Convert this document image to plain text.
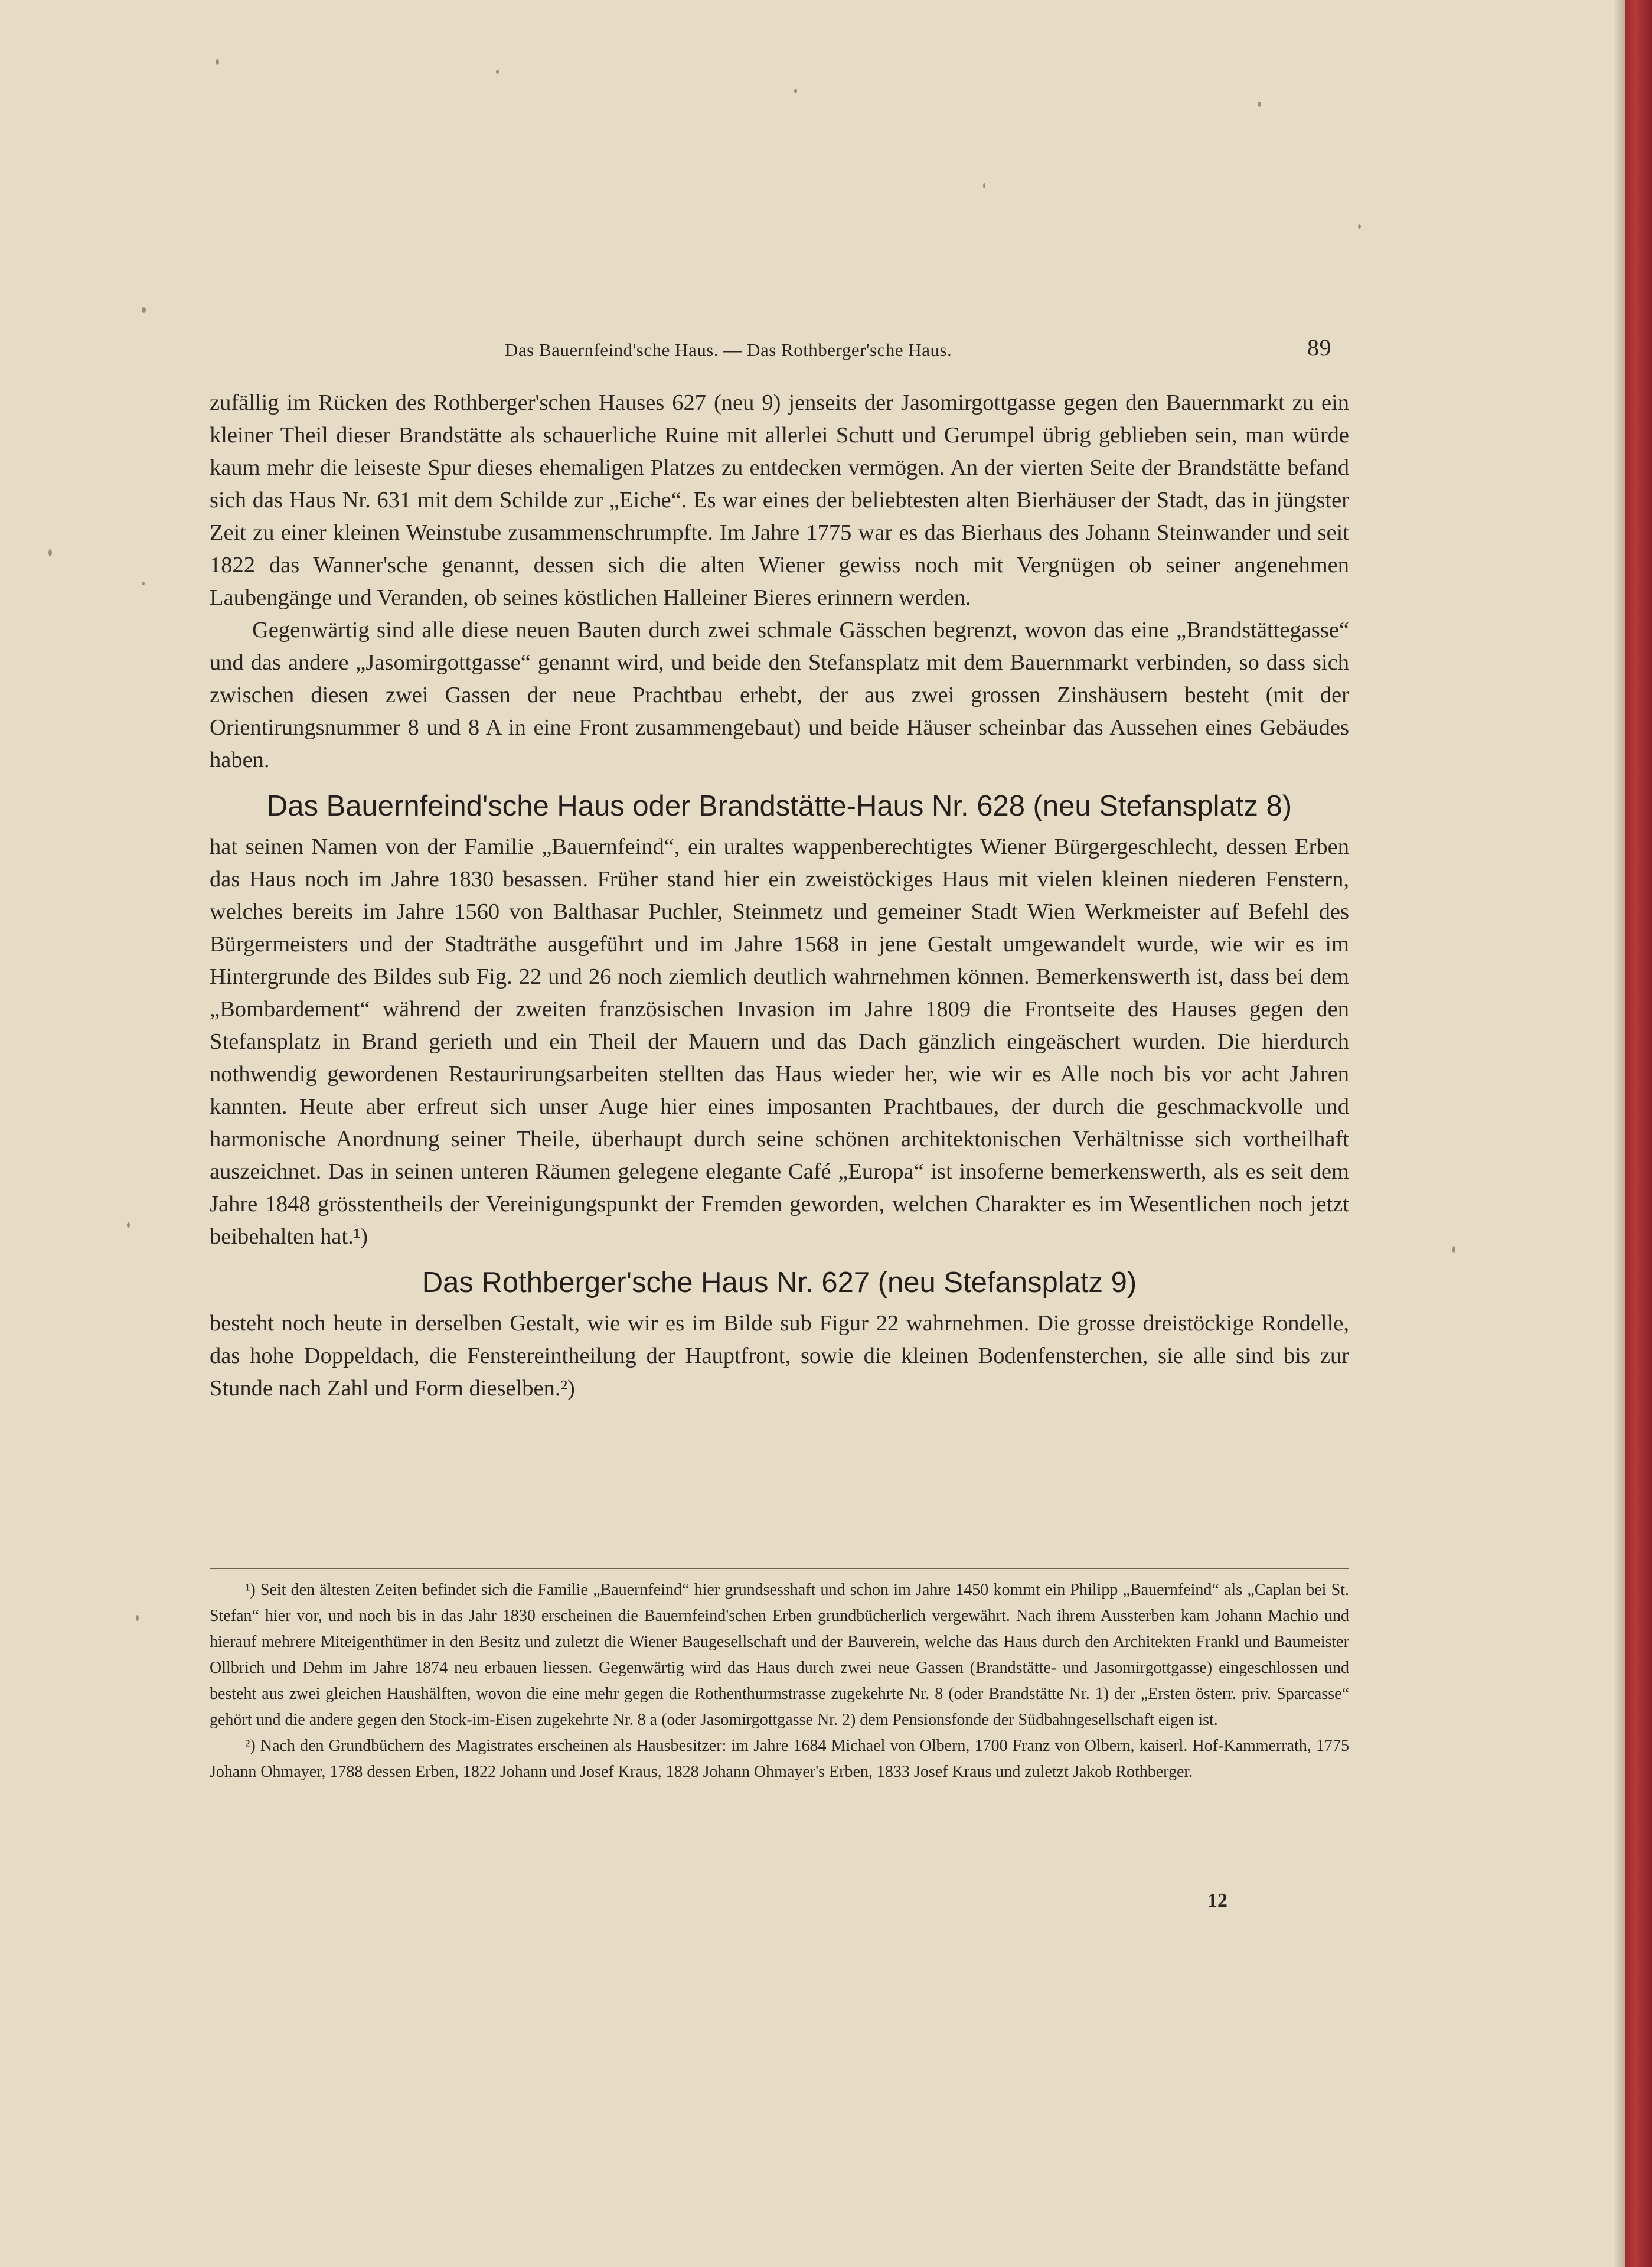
Das Bauernfeind'sche Haus. — Das Rothberger'sche Haus.	89

zufällig im Rücken des Rothberger'schen Hauses 627 (neu 9) jenseits der Jasomirgottgasse gegen den Bauernmarkt zu ein kleiner Theil dieser Brandstätte als schauerliche Ruine mit allerlei Schutt und Gerumpel übrig geblieben sein, man würde kaum mehr die leiseste Spur dieses ehemaligen Platzes zu entdecken vermögen. An der vierten Seite der Brandstätte befand sich das Haus Nr. 631 mit dem Schilde zur „Eiche“. Es war eines der beliebtesten alten Bierhäuser der Stadt, das in jüngster Zeit zu einer kleinen Weinstube zusammenschrumpfte. Im Jahre 1775 war es das Bierhaus des Johann Steinwander und seit 1822 das Wanner'sche genannt, dessen sich die alten Wiener gewiss noch mit Vergnügen ob seiner angenehmen Laubengänge und Veranden, ob seines köstlichen Halleiner Bieres erinnern werden.

Gegenwärtig sind alle diese neuen Bauten durch zwei schmale Gässchen begrenzt, wovon das eine „Brandstättegasse“ und das andere „Jasomirgottgasse“ genannt wird, und beide den Stefansplatz mit dem Bauernmarkt verbinden, so dass sich zwischen diesen zwei Gassen der neue Prachtbau erhebt, der aus zwei grossen Zinshäusern besteht (mit der Orientirungsnummer 8 und 8 A in eine Front zusammengebaut) und beide Häuser scheinbar das Aussehen eines Gebäudes haben.

Das Bauernfeind'sche Haus oder Brandstätte-Haus Nr. 628 (neu Stefansplatz 8)

hat seinen Namen von der Familie „Bauernfeind“, ein uraltes wappenberechtigtes Wiener Bürgergeschlecht, dessen Erben das Haus noch im Jahre 1830 besassen. Früher stand hier ein zweistöckiges Haus mit vielen kleinen niederen Fenstern, welches bereits im Jahre 1560 von Balthasar Puchler, Steinmetz und gemeiner Stadt Wien Werkmeister auf Befehl des Bürgermeisters und der Stadträthe ausgeführt und im Jahre 1568 in jene Gestalt umgewandelt wurde, wie wir es im Hintergrunde des Bildes sub Fig. 22 und 26 noch ziemlich deutlich wahrnehmen können. Bemerkenswerth ist, dass bei dem „Bombardement“ während der zweiten französischen Invasion im Jahre 1809 die Frontseite des Hauses gegen den Stefansplatz in Brand gerieth und ein Theil der Mauern und das Dach gänzlich eingeäschert wurden. Die hierdurch nothwendig gewordenen Restaurirungsarbeiten stellten das Haus wieder her, wie wir es Alle noch bis vor acht Jahren kannten. Heute aber erfreut sich unser Auge hier eines imposanten Prachtbaues, der durch die geschmackvolle und harmonische Anordnung seiner Theile, überhaupt durch seine schönen architektonischen Verhältnisse sich vortheilhaft auszeichnet. Das in seinen unteren Räumen gelegene elegante Café „Europa“ ist insoferne bemerkenswerth, als es seit dem Jahre 1848 grösstentheils der Vereinigungspunkt der Fremden geworden, welchen Charakter es im Wesentlichen noch jetzt beibehalten hat.¹)

Das Rothberger'sche Haus Nr. 627 (neu Stefansplatz 9)

besteht noch heute in derselben Gestalt, wie wir es im Bilde sub Figur 22 wahrnehmen. Die grosse dreistöckige Rondelle, das hohe Doppeldach, die Fenstereintheilung der Hauptfront, sowie die kleinen Bodenfensterchen, sie alle sind bis zur Stunde nach Zahl und Form dieselben.²)

¹) Seit den ältesten Zeiten befindet sich die Familie „Bauernfeind“ hier grundsesshaft und schon im Jahre 1450 kommt ein Philipp „Bauernfeind“ als „Caplan bei St. Stefan“ hier vor, und noch bis in das Jahr 1830 erscheinen die Bauernfeind'schen Erben grundbücherlich vergewährt. Nach ihrem Aussterben kam Johann Machio und hierauf mehrere Miteigenthümer in den Besitz und zuletzt die Wiener Baugesellschaft und der Bauverein, welche das Haus durch den Architekten Frankl und Baumeister Ollbrich und Dehm im Jahre 1874 neu erbauen liessen. Gegenwärtig wird das Haus durch zwei neue Gassen (Brandstätte- und Jasomirgottgasse) eingeschlossen und besteht aus zwei gleichen Haushälften, wovon die eine mehr gegen die Rothenthurmstrasse zugekehrte Nr. 8 (oder Brandstätte Nr. 1) der „Ersten österr. priv. Sparcasse“ gehört und die andere gegen den Stock-im-Eisen zugekehrte Nr. 8 a (oder Jasomirgottgasse Nr. 2) dem Pensionsfonde der Südbahngesellschaft eigen ist.

²) Nach den Grundbüchern des Magistrates erscheinen als Hausbesitzer: im Jahre 1684 Michael von Olbern, 1700 Franz von Olbern, kaiserl. Hof-Kammerrath, 1775 Johann Ohmayer, 1788 dessen Erben, 1822 Johann und Josef Kraus, 1828 Johann Ohmayer's Erben, 1833 Josef Kraus und zuletzt Jakob Rothberger.

12
